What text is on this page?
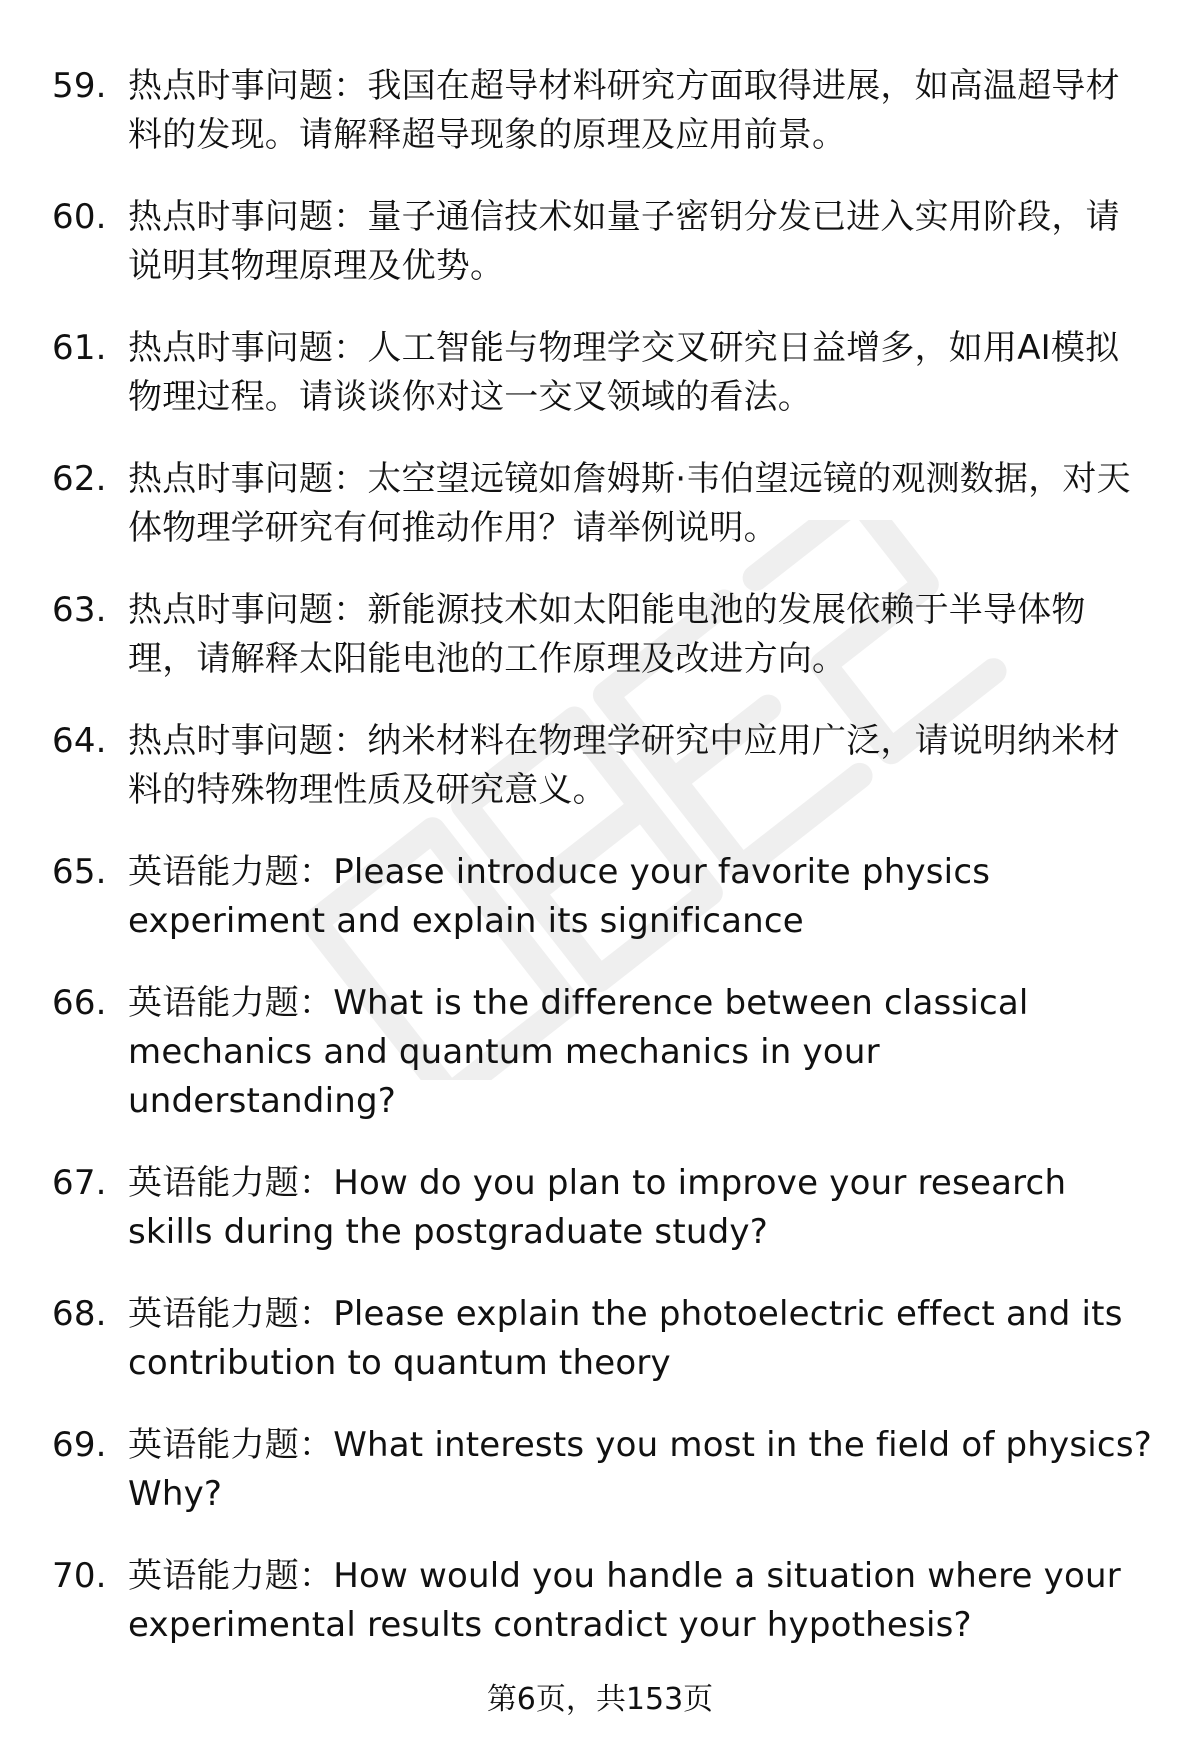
59. 热点时事问题：我国在超导材料研究方面取得进展，如高温超导材料的发现。请解释超导现象的原理及应用前景。
60. 热点时事问题：量子通信技术如量子密钥分发已进入实用阶段，请说明其物理原理及优势。
61. 热点时事问题：人工智能与物理学交叉研究日益增多，如用AI模拟物理过程。请谈谈你对这一交叉领域的看法。
62. 热点时事问题：太空望远镜如詹姆斯·韦伯望远镜的观测数据，对天体物理学研究有何推动作用？请举例说明。
63. 热点时事问题：新能源技术如太阳能电池的发展依赖于半导体物理，请解释太阳能电池的工作原理及改进方向。
64. 热点时事问题：纳米材料在物理学研究中应用广泛，请说明纳米材料的特殊物理性质及研究意义。
65. 英语能力题：Please introduce your favorite physics experiment and explain its significance
66. 英语能力题：What is the difference between classical mechanics and quantum mechanics in your understanding?
67. 英语能力题：How do you plan to improve your research skills during the postgraduate study?
68. 英语能力题：Please explain the photoelectric effect and its contribution to quantum theory
69. 英语能力题：What interests you most in the field of physics? Why?
70. 英语能力题：How would you handle a situation where your experimental results contradict your hypothesis?
第6页，共153页
